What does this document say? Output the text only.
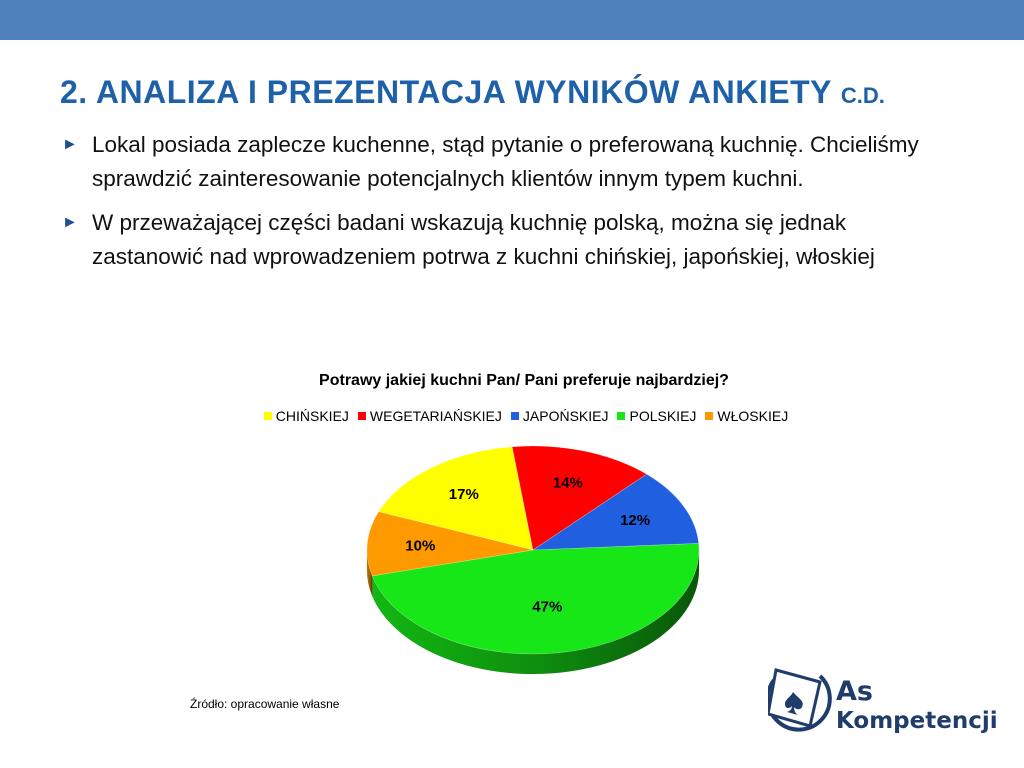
2. ANALIZA I PREZENTACJA WYNIKÓW ANKIETY C.D.
► Lokal posiada zaplecze kuchenne, stąd pytanie o preferowaną kuchnię. Chcieliśmy sprawdzić zainteresowanie potencjalnych klientów innym typem kuchni.
► W przeważającej części badani wskazują kuchnię polską, można się jednak zastanowić nad wprowadzeniem potrwa z kuchni chińskiej, japońskiej, włoskiej
Potrawy jakiej kuchni Pan/ Pani preferuje najbardziej?
CHIŃSKIEJ WEGETARIAŃSKIEJ JAPOŃSKIEJ POLSKIEJ WŁOSKIEJ
17%
14%
12%
47%
10%
Źródło: opracowanie własne	As
Kompetencji
